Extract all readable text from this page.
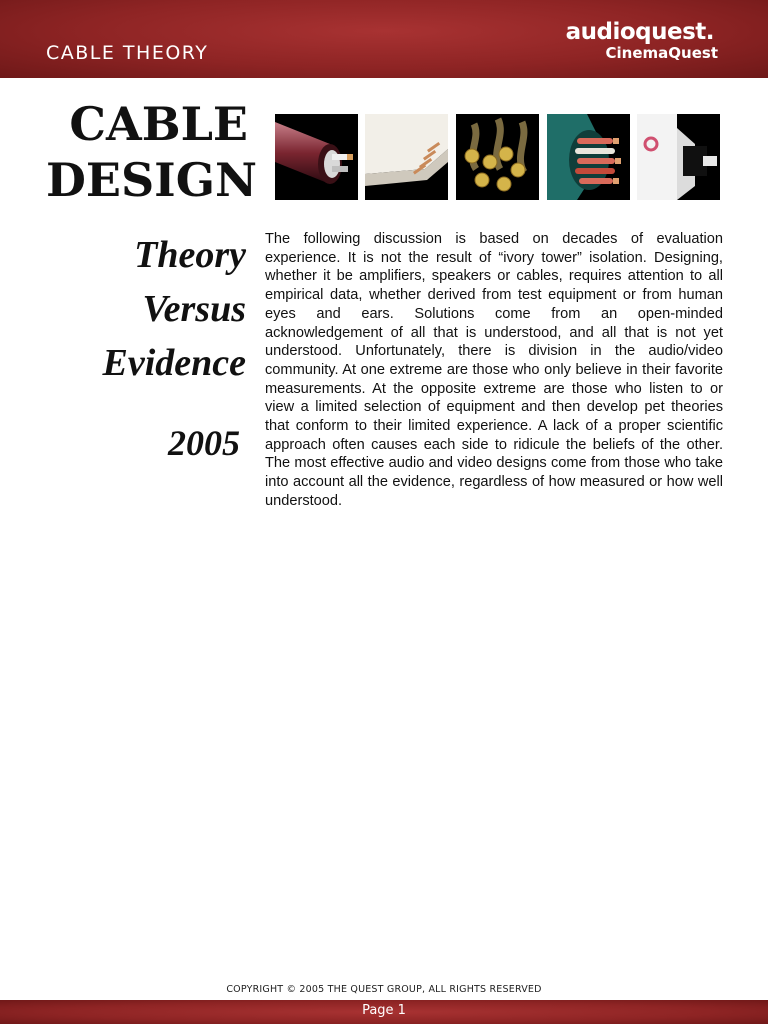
CABLE THEORY
audioquest.
CinemaQuest
CABLE
DESIGN
Theory
Versus
Evidence
2005
The following discussion is based on decades of evaluation experience. It is not the result of “ivory tower” isolation. Designing, whether it be amplifiers, speakers or cables, requires attention to all empirical data, whether derived from test equipment or from human eyes and ears. Solutions come from an open-minded acknowledgement of all that is understood, and all that is not yet understood. Unfortunately, there is division in the audio/video community. At one extreme are those who only believe in their favorite measurements. At the opposite extreme are those who listen to or view a limited selection of equipment and then develop pet theories that conform to their limited experience. A lack of a proper scientific approach often causes each side to ridicule the beliefs of the other. The most effective audio and video designs come from those who take into account all the evidence, regardless of how measured or how well understood.
COPYRIGHT © 2005 THE QUEST GROUP, ALL RIGHTS RESERVED
Page 1
